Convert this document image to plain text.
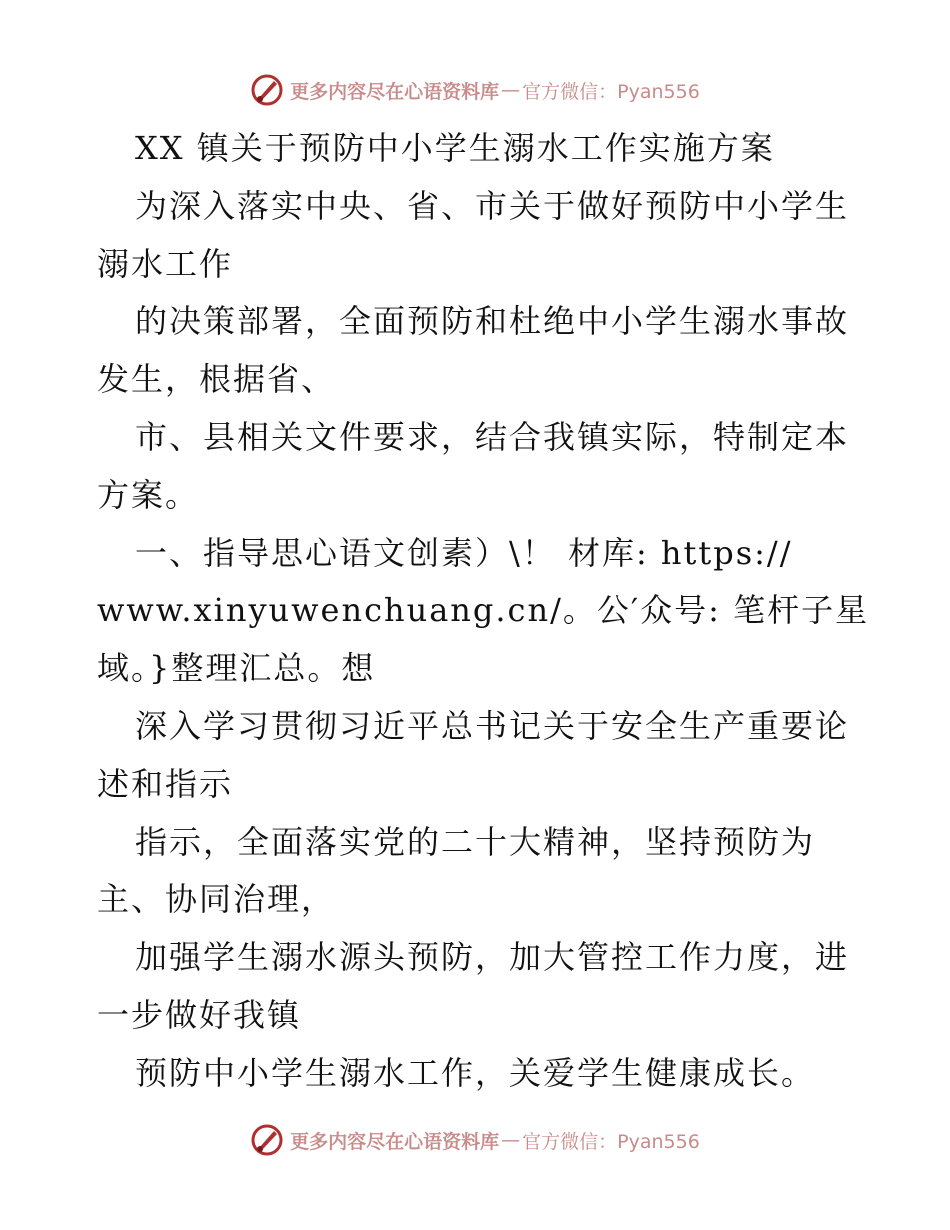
更多内容尽在心语资料库 — 官方微信：Pyan556
XX 镇关于预防中小学生溺水工作实施方案
为深入落实中央、省、市关于做好预防中小学生
溺水工作
的决策部署，全面预防和杜绝中小学生溺水事故
发生，根据省、
市、县相关文件要求，结合我镇实际，特制定本
方案。
一、指导思心语文创素）\！ 材库: https://
www.xinyuwenchuang.cn/。公′众号: 笔杆子星
域。}整理汇总。想
深入学习贯彻习近平总书记关于安全生产重要论
述和指示
指示，全面落实党的二十大精神，坚持预防为
主、协同治理，
加强学生溺水源头预防，加大管控工作力度，进
一步做好我镇
预防中小学生溺水工作，关爱学生健康成长。
更多内容尽在心语资料库 — 官方微信：Pyan556
